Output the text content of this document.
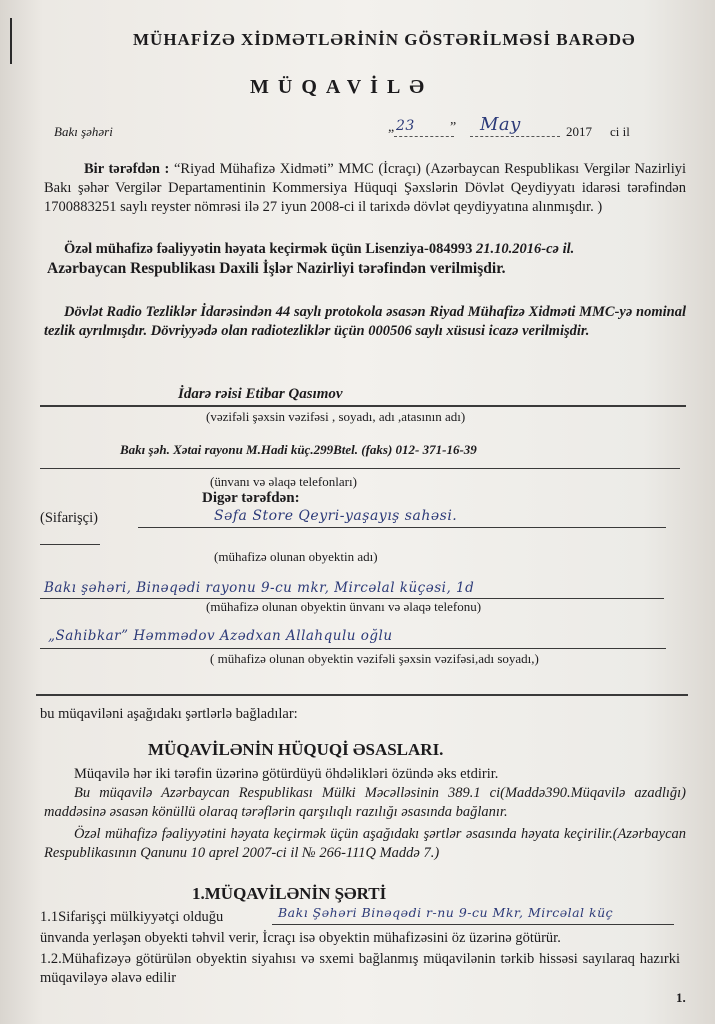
MÜHAFİZƏ XİDMƏTLƏRİNİN GÖSTƏRİLMƏSİ BARƏDƏ
MÜQAVİLƏ
Bakı şəhəri	„ 23	” May	2017 ci il
Bir tərəfdən : “Riyad Mühafizə Xidməti” MMC (İcraçı) (Azərbaycan Respublikası Vergilər Nazirliyi Bakı şəhər Vergilər Departamentinin Kommersiya Hüquqi Şəxslərin Dövlət Qeydiyyatı idarəsi tərəfindən 1700883251 saylı reyster nömrəsi ilə 27 iyun 2008-ci il tarixdə dövlət qeydiyyatına alınmışdır. )
Özəl mühafizə fəaliyyətin həyata keçirmək üçün Lisenziya-084993 21.10.2016-cə il.
Azərbaycan Respublikası Daxili İşlər Nazirliyi tərəfindən verilmişdir.
Dövlət Radio Tezliklər İdarəsindən 44 saylı protokola əsasən Riyad Mühafizə Xidməti MMC-yə nominal tezlik ayrılmışdır. Dövriyyədə olan radiotezliklər üçün 000506 saylı xüsusi icazə verilmişdir.
İdarə rəisi Etibar Qasımov
(vəzifəli şəxsin vəzifəsi , soyadı, adı ,atasının adı)
Bakı şəh. Xətai rayonu M.Hadi küç.299Btel. (faks) 012- 371-16-39
(ünvanı və əlaqə telefonları)
Digər tərəfdən:
(Sifarişçi)	Səfa Store Qeyri-yaşayış sahəsi.
(mühafizə olunan obyektin adı)
Bakı şəhəri, Binəqədi rayonu 9-cu mkr, Mircəlal küçəsi, 1d
(mühafizə olunan obyektin ünvanı və əlaqə telefonu)
„Sahibkar” Həmmədov Azədxan Allahqulu oğlu
( mühafizə olunan obyektin vəzifəli şəxsin vəzifəsi,adı soyadı,)
bu müqaviləni aşağıdakı şərtlərlə bağladılar:
MÜQAVİLƏNİN HÜQUQİ ƏSASLARI.
Müqavilə hər iki tərəfin üzərinə götürdüyü öhdəlikləri özündə əks etdirir.
Bu müqavilə Azərbaycan Respublikası Mülki Məcəlləsinin 389.1 ci(Maddə390.Müqavilə azadlığı) maddəsinə əsasən könüllü olaraq tərəflərin qarşılıqlı razılığı əsasında bağlanır.
Özəl mühafizə fəaliyyətini həyata keçirmək üçün aşağıdakı şərtlər əsasında həyata keçirilir.(Azərbaycan Respublikasının Qanunu 10 aprel 2007-ci il № 266-111Q Maddə 7.)
1.MÜQAVİLƏNİN ŞƏRTİ
1.1Sifarişçi mülkiyyətçi olduğu	Bakı Şəhəri Binəqədi r-nu 9-cu Mkr, Mircəlal küç
ünvanda yerləşən obyekti təhvil verir, İcraçı isə obyektin mühafizəsini öz üzərinə götürür.
1.2.Mühafizəyə götürülən obyektin siyahısı və sxemi bağlanmış müqavilənin tərkib hissəsi sayılaraq hazırki müqaviləyə əlavə edilir
1.
